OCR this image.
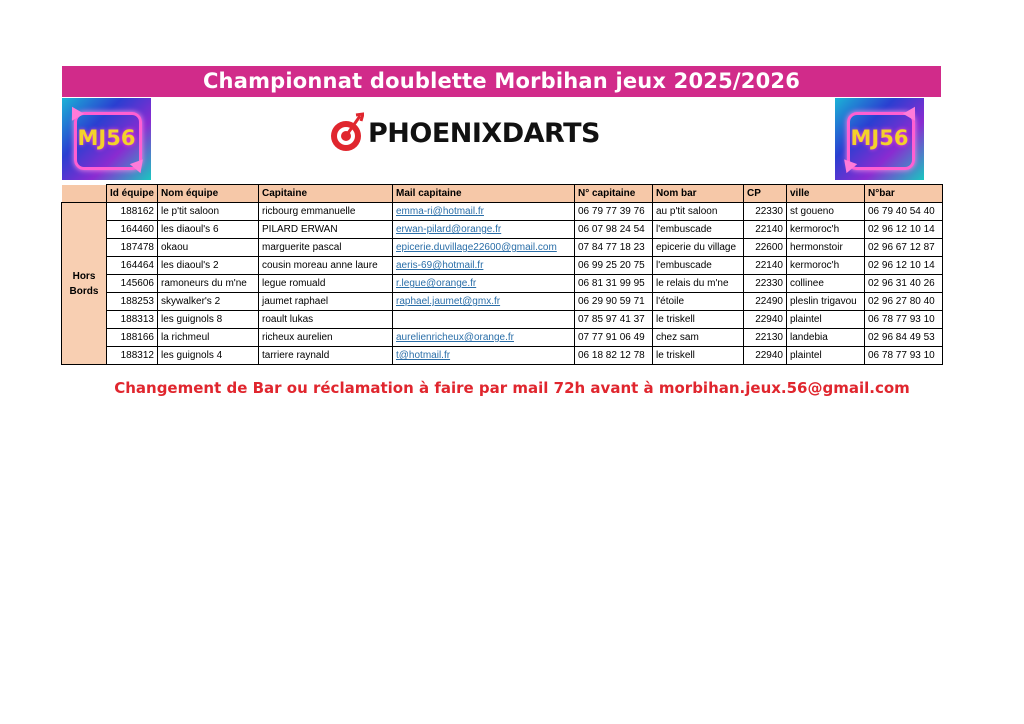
Championnat doublette Morbihan jeux 2025/2026
MJ56	PHOENIXDARTS	MJ56
	Id équipe	Nom équipe	Capitaine	Mail capitaine	N° capitaine	Nom bar	CP	ville	N°bar
Hors Bords	188162	le p'tit saloon	ricbourg emmanuelle	emma-ri@hotmail.fr	06 79 77 39 76	au p'tit saloon	22330	st goueno	06 79 40 54 40
	164460	les diaoul's 6	PILARD ERWAN	erwan-pilard@orange.fr	06 07 98 24 54	l'embuscade	22140	kermoroc'h	02 96 12 10 14
	187478	okaou	marguerite pascal	epicerie.duvillage22600@gmail.com	07 84 77 18 23	epicerie du village	22600	hermonstoir	02 96 67 12 87
	164464	les diaoul's 2	cousin moreau anne laure	aeris-69@hotmail.fr	06 99 25 20 75	l'embuscade	22140	kermoroc'h	02 96 12 10 14
	145606	ramoneurs du m'ne	legue romuald	r.legue@orange.fr	06 81 31 99 95	le relais du m'ne	22330	collinee	02 96 31 40 26
	188253	skywalker's 2	jaumet raphael	raphael.jaumet@gmx.fr	06 29 90 59 71	l'étoile	22490	pleslin trigavou	02 96 27 80 40
	188313	les guignols 8	roault lukas		07 85 97 41 37	le triskell	22940	plaintel	06 78 77 93 10
	188166	la richmeul	richeux aurelien	aurelienricheux@orange.fr	07 77 91 06 49	chez sam	22130	landebia	02 96 84 49 53
	188312	les guignols 4	tarriere raynald	t@hotmail.fr	06 18 82 12 78	le triskell	22940	plaintel	06 78 77 93 10
Changement de Bar ou réclamation à faire par mail 72h avant à morbihan.jeux.56@gmail.com
